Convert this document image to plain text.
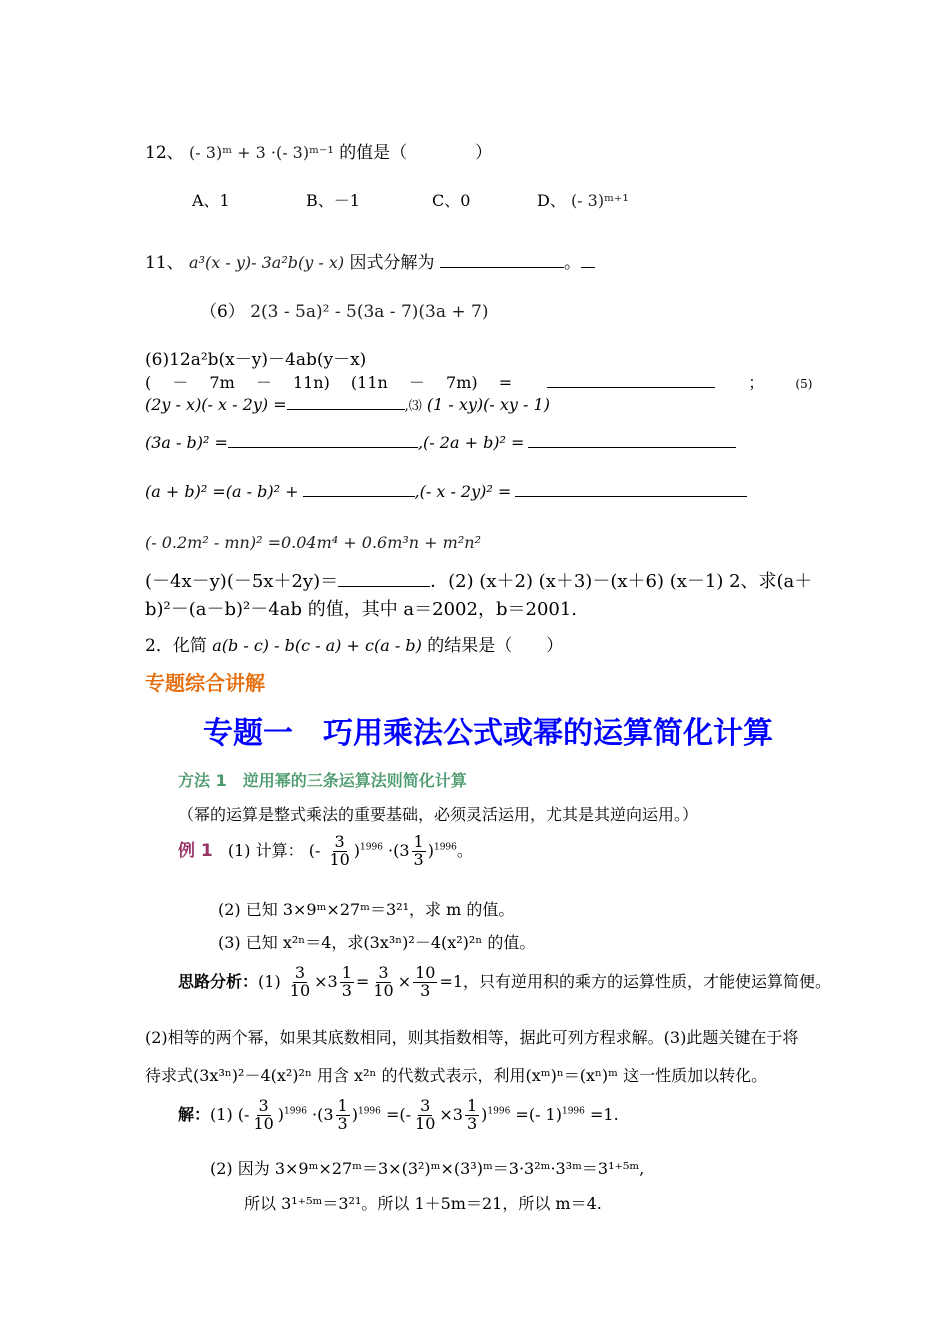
12、 (- 3)ᵐ + 3 ·(- 3)ᵐ⁻¹ 的值是（　　　　）
A、1	B、－1	C、0	D、 (- 3)ᵐ⁺¹
11、 a³(x - y)- 3a²b(y - x) 因式分解为	。
（6） 2(3 - 5a)² - 5(3a - 7)(3a + 7)
(6)12a²b(x－y)－4ab(y－x)
(　 －　 7m　 －　 11n)　 (11n　 －　 7m)　 =	；	(5)
(2y - x)(- x - 2y) =	,⑶ (1 - xy)(- xy - 1)
(3a - b)² =	,(- 2a + b)² =
(a + b)² =(a - b)² +	,(- x - 2y)² =
(- 0.2m² - mn)² =0.04m⁴ + 0.6m³n + m²n²
(－4x－y)(－5x＋2y)＝	．(2) (x＋2) (x＋3)－(x＋6) (x－1) 2、求(a＋
b)²－(a－b)²－4ab 的值，其中 a＝2002，b＝2001.
2．化简 a(b - c) - b(c - a) + c(a - b) 的结果是（　　）
专题综合讲解
专题一　巧用乘法公式或幂的运算简化计算
方法 1　逆用幂的三条运算法则简化计算
（幂的运算是整式乘法的重要基础，必须灵活运用，尤其是其逆向运用。）
例 1 (1) 计算： (- $\frac{3}{10} )^{1996} \cdot(3 \frac{1}{3} )^{1996}$。
(2) 已知 3×9ᵐ×27ᵐ＝3²¹，求 m 的值。
(3) 已知 x²ⁿ＝4，求(3x³ⁿ)²－4(x²)²ⁿ 的值。
思路分析：$(1) \frac{3}{10} \times 3 \frac{1}{3} = \frac{3}{10} \times \frac{10}{3} =1$，只有逆用积的乘方的运算性质，才能使运算简便。
(2)相等的两个幂，如果其底数相同，则其指数相等，据此可列方程求解。(3)此题关键在于将
待求式(3x³ⁿ)²－4(x²)²ⁿ 用含 x²ⁿ 的代数式表示，利用(xᵐ)ⁿ＝(xⁿ)ᵐ 这一性质加以转化。
解：(1) (- $\frac{3}{10} )^{1996} \cdot(3 \frac{1}{3} )^{1996}$ =(- $\frac{3}{10} \times 3 \frac{1}{3} )^{1996}$ =(- 1)$^{1996}$ =1.
(2) 因为 3×9ᵐ×27ᵐ＝3×(3²)ᵐ×(3³)ᵐ＝3·3²ᵐ·3³ᵐ＝3¹⁺⁵ᵐ,
所以 3¹⁺⁵ᵐ＝3²¹。所以 1＋5m＝21，所以 m＝4.
